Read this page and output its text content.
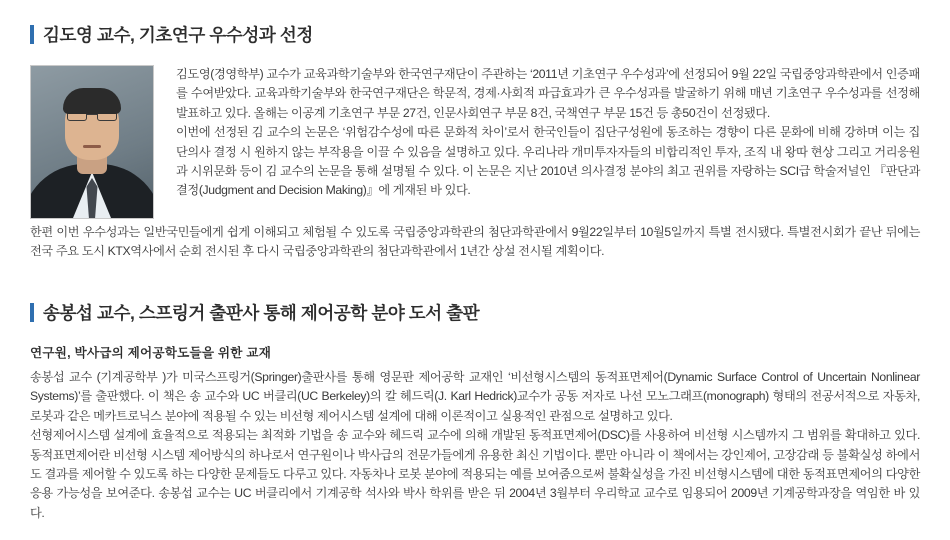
김도영 교수, 기초연구 우수성과 선정

김도영(경영학부) 교수가 교육과학기술부와 한국연구재단이 주관하는 ‘2011년 기초연구 우수성과’에 선정되어 9월 22일 국립중앙과학관에서 인증패를 수여받았다. 교육과학기술부와 한국연구재단은 학문적, 경제·사회적 파급효과가 큰 우수성과를 발굴하기 위해 매년 기초연구 우수성과를 선정해 발표하고 있다. 올해는 이공계 기초연구 부문 27건, 인문사회연구 부문 8건, 국책연구 부문 15건 등 총50건이 선정됐다.

이번에 선정된 김 교수의 논문은 ‘위험감수성에 따른 문화적 차이’로서 한국인들이 집단구성원에 동조하는 경향이 다른 문화에 비해 강하며 이는 집단의사 결정 시 원하지 않는 부작용을 이끌 수 있음을 설명하고 있다. 우리나라 개미투자자들의 비합리적인 투자, 조직 내 왕따 현상 그리고 거리응원과 시위문화 등이 김 교수의 논문을 통해 설명될 수 있다. 이 논문은 지난 2010년 의사결정 분야의 최고 권위를 자랑하는 SCI급 학술저널인 『판단과 결정(Judgment and Decision Making)』에 게재된 바 있다.

한편 이번 우수성과는 일반국민들에게 쉽게 이해되고 체험될 수 있도록 국립중앙과학관의 첨단과학관에서 9월22일부터 10월5일까지 특별 전시됐다. 특별전시회가 끝난 뒤에는 전국 주요 도시 KTX역사에서 순회 전시된 후 다시 국립중앙과학관의 첨단과학관에서 1년간 상설 전시될 계획이다.
송봉섭 교수, 스프링거 출판사 통해 제어공학 분야 도서 출판
연구원, 박사급의 제어공학도들을 위한 교재

송봉섭 교수 (기계공학부 )가 미국스프링거(Springer)출판사를 통해 영문판 제어공학 교재인 ‘비선형시스템의 동적표면제어(Dynamic Surface Control of Uncertain Nonlinear Systems)’를 출판했다. 이 책은 송 교수와 UC 버클리(UC Berkeley)의 칼 헤드릭(J. Karl Hedrick)교수가 공동 저자로 나선 모노그래프(monograph) 형태의 전공서적으로 자동차, 로봇과 같은 메카트로닉스 분야에 적용될 수 있는 비선형 제어시스템 설계에 대해 이론적이고 실용적인 관점으로 설명하고 있다.

선형제어시스템 설계에 효율적으로 적용되는 최적화 기법을 송 교수와 헤드릭 교수에 의해 개발된 동적표면제어(DSC)를 사용하여 비선형 시스템까지 그 범위를 확대하고 있다. 동적표면제어란 비선형 시스템 제어방식의 하나로서 연구원이나 박사급의 전문가들에게 유용한 최신 기법이다. 뿐만 아니라 이 책에서는 강인제어, 고장감래 등 불확실성 하에서도 결과를 제어할 수 있도록 하는 다양한 문제들도 다루고 있다. 자동차나 로봇 분야에 적용되는 예를 보여줌으로써 불확실성을 가진 비선형시스템에 대한 동적표면제어의 다양한 응용 가능성을 보여준다. 송봉섭 교수는 UC 버클리에서 기계공학 석사와 박사 학위를 받은 뒤 2004년 3월부터 우리학교 교수로 임용되어 2009년 기계공학과장을 역임한 바 있다.
